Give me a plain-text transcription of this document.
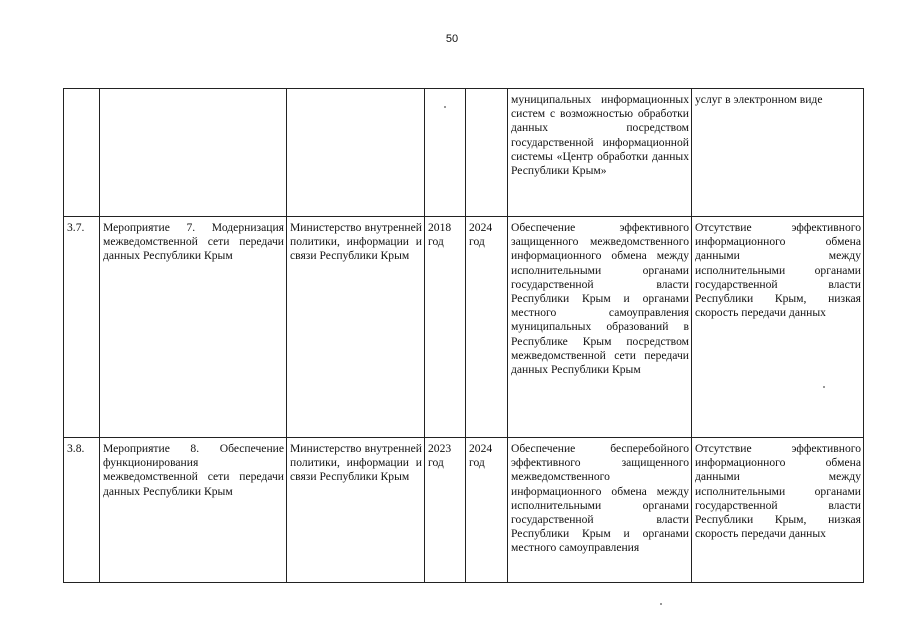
50
					муниципальных информационных систем с возможностью обработки данных посредством государственной информационной системы «Центр обработки данных Республики Крым»	услуг в электронном виде
3.7.	Мероприятие 7. Модернизация межведомственной сети передачи данных Республики Крым	Министерство внутренней политики, информации и связи Республики Крым	2018 год	2024 год	Обеспечение эффективного защищенного межведомственного информационного обмена между исполнительными органами государственной власти Республики Крым и органами местного самоуправления муниципальных образований в Республике Крым посредством межведомственной сети передачи данных Республики Крым	Отсутствие эффективного информационного обмена данными между исполнительными органами государственной власти Республики Крым, низкая скорость передачи данных
3.8.	Мероприятие 8. Обеспечение функционирования межведомственной сети передачи данных Республики Крым	Министерство внутренней политики, информации и связи Республики Крым	2023 год	2024 год	Обеспечение бесперебойного эффективного защищенного межведомственного информационного обмена между исполнительными органами государственной власти Республики Крым и органами местного самоуправления	Отсутствие эффективного информационного обмена данными между исполнительными органами государственной власти Республики Крым, низкая скорость передачи данных
